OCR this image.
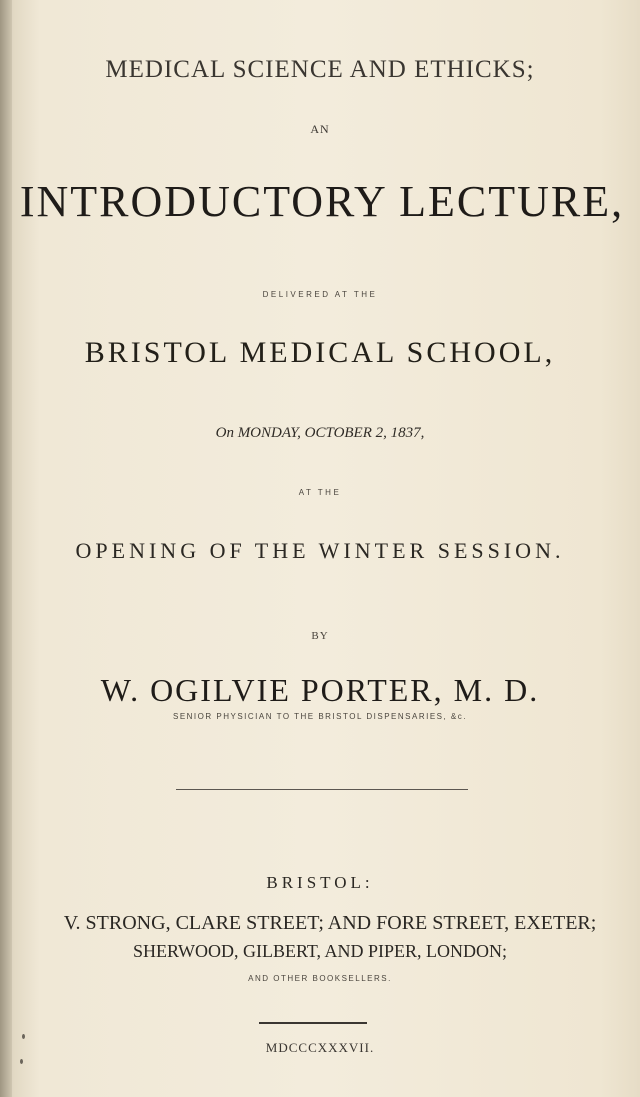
MEDICAL SCIENCE AND ETHICKS;
AN
INTRODUCTORY LECTURE,
DELIVERED AT THE
BRISTOL MEDICAL SCHOOL,
On MONDAY, OCTOBER 2, 1837,
AT THE
OPENING OF THE WINTER SESSION.
BY
W. OGILVIE PORTER, M. D.
SENIOR PHYSICIAN TO THE BRISTOL DISPENSARIES, &c.
BRISTOL:
V. STRONG, CLARE STREET; AND FORE STREET, EXETER;
SHERWOOD, GILBERT, AND PIPER, LONDON;
AND OTHER BOOKSELLERS.
MDCCCXXXVII.
